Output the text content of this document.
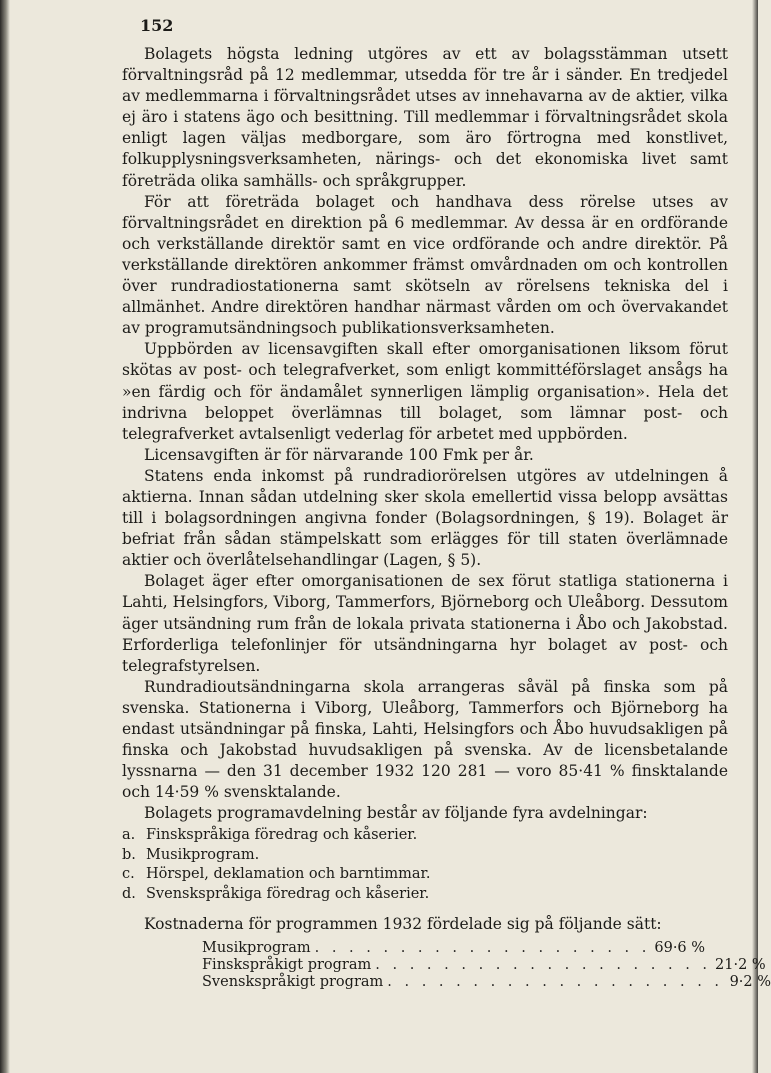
152

Bolagets högsta ledning utgöres av ett av bolagsstämman utsett förvaltningsråd på 12 medlemmar, utsedda för tre år i sänder. En tredjedel av medlemmarna i förvaltningsrådet utses av innehavarna av de aktier, vilka ej äro i statens ägo och besittning. Till medlemmar i förvaltningsrådet skola enligt lagen väljas medborgare, som äro förtrogna med konstlivet, folkupplysningsverksamheten, närings- och det ekonomiska livet samt företräda olika samhälls- och språkgrupper.

För att företräda bolaget och handhava dess rörelse utses av förvaltningsrådet en direktion på 6 medlemmar. Av dessa är en ordförande och verkställande direktör samt en vice ordförande och andre direktör. På verkställande direktören ankommer främst omvårdnaden om och kontrollen över rundradiostationerna samt skötseln av rörelsens tekniska del i allmänhet. Andre direktören handhar närmast vården om och övervakandet av programutsändningsoch publikationsverksamheten.

Uppbörden av licensavgiften skall efter omorganisationen liksom förut skötas av post- och telegrafverket, som enligt kommittéförslaget ansågs ha »en färdig och för ändamålet synnerligen lämplig organisation». Hela det indrivna beloppet överlämnas till bolaget, som lämnar post- och telegrafverket avtalsenligt vederlag för arbetet med uppbörden.

Licensavgiften är för närvarande 100 Fmk per år.

Statens enda inkomst på rundradiorörelsen utgöres av utdelningen å aktierna. Innan sådan utdelning sker skola emellertid vissa belopp avsättas till i bolagsordningen angivna fonder (Bolagsordningen, § 19). Bolaget är befriat från sådan stämpelskatt som erlägges för till staten överlämnade aktier och överlåtelsehandlingar (Lagen, § 5).

Bolaget äger efter omorganisationen de sex förut statliga stationerna i Lahti, Helsingfors, Viborg, Tammerfors, Björneborg och Uleåborg. Dessutom äger utsändning rum från de lokala privata stationerna i Åbo och Jakobstad. Erforderliga telefonlinjer för utsändningarna hyr bolaget av post- och telegrafstyrelsen.

Rundradioutsändningarna skola arrangeras såväl på finska som på svenska. Stationerna i Viborg, Uleåborg, Tammerfors och Björneborg ha endast utsändningar på finska, Lahti, Helsingfors och Åbo huvudsakligen på finska och Jakobstad huvudsakligen på svenska. Av de licensbetalande lyssnarna — den 31 december 1932 120 281 — voro 85·41 % finsktalande och 14·59 % svensktalande.

Bolagets programavdelning består av följande fyra avdelningar:

a. Finskspråkiga föredrag och kåserier.
b. Musikprogram.
c. Hörspel, deklamation och barntimmar.
d. Svenskspråkiga föredrag och kåserier.

Kostnaderna för programmen 1932 fördelade sig på följande sätt:

Musikprogram . . . . . . . . . . . . . . . . . . . . 69·6 %
Finskspråkigt program . . . . . . . . . . . . . . . . . . . . 21·2 %
Svenskspråkigt program . . . . . . . . . . . . . . . . . . . . 9·2 %
